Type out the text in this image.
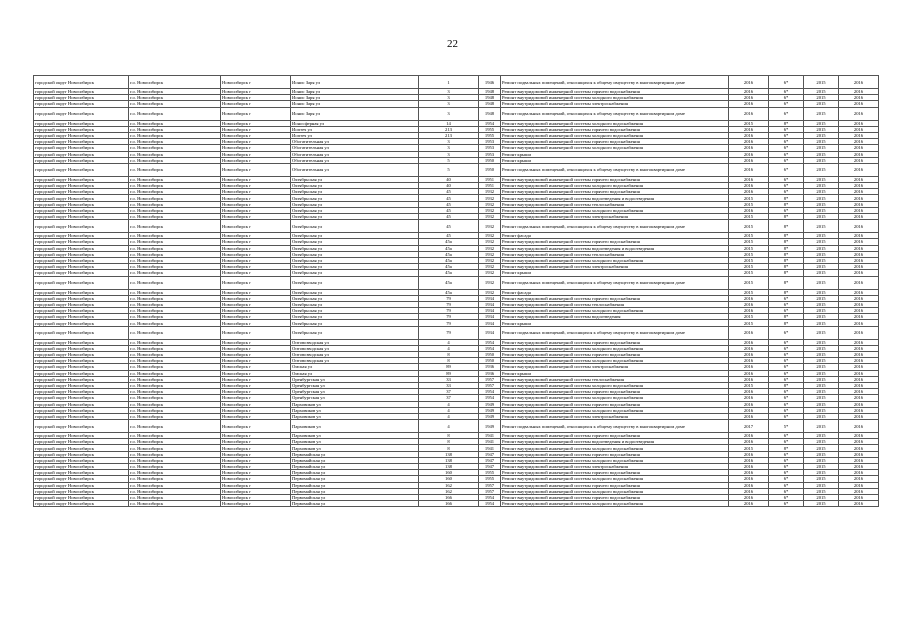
22
городской округ Новосибирск	г.о. Новосибирск	Новосибирск г	Ионис Заря ул	1	1946	Ремонт подвальных помещений, относящихся к общему имуществу в многоквартирном доме	2016	6*	2015	2016
городской округ Новосибирск	г.о. Новосибирск	Новосибирск г	Ионис Заря ул	3	1948	Ремонт внутридомовой инженерной системы горячего водоснабжения	2016	6*	2015	2016
городской округ Новосибирск	г.о. Новосибирск	Новосибирск г	Ионис Заря ул	3	1948	Ремонт внутридомовой инженерной системы холодного водоснабжения	2016	6*	2015	2016
городской округ Новосибирск	г.о. Новосибирск	Новосибирск г	Ионис Заря ул	3	1948	Ремонт внутридомовой инженерной системы электроснабжения	2016	6*	2015	2016
городской округ Новосибирск	г.о. Новосибирск	Новосибирск г	Ионис Заря ул	3	1948	Ремонт подвальных помещений, относящихся к общему имуществу в многоквартирном доме	2016	6*	2015	2016
городской округ Новосибирск	г.о. Новосибирск	Новосибирск г	Ионосферная ул	14	1954	Ремонт внутридомовой инженерной системы холодного водоснабжения	2015	8*	2015	2016
городской округ Новосибирск	г.о. Новосибирск	Новосибирск г	Иоптеч ул	213	1955	Ремонт внутридомовой инженерной системы горячего водоснабжения	2016	6*	2015	2016
городской округ Новосибирск	г.о. Новосибирск	Новосибирск г	Иоптеч ул	213	1955	Ремонт внутридомовой инженерной системы холодного водоснабжения	2016	6*	2015	2016
городской округ Новосибирск	г.о. Новосибирск	Новосибирск г	Обогатительная ул	3	1953	Ремонт внутридомовой инженерной системы горячего водоснабжения	2016	6*	2015	2016
городской округ Новосибирск	г.о. Новосибирск	Новосибирск г	Обогатительная ул	3	1953	Ремонт внутридомовой инженерной системы холодного водоснабжения	2016	6*	2015	2016
городской округ Новосибирск	г.о. Новосибирск	Новосибирск г	Обогатительная ул	3	1953	Ремонт крыши	2016	6*	2015	2016
городской округ Новосибирск	г.о. Новосибирск	Новосибирск г	Обогатительная ул	5	1950	Ремонт крыши	2016	6*	2015	2016
городской округ Новосибирск	г.о. Новосибирск	Новосибирск г	Обогатительная ул	5	1950	Ремонт подвальных помещений, относящихся к общему имуществу в многоквартирном доме	2016	6*	2015	2016
городской округ Новосибирск	г.о. Новосибирск	Новосибирск г	Октябрьская ул	40	1951	Ремонт внутридомовой инженерной системы горячего водоснабжения	2016	6*	2015	2016
городской округ Новосибирск	г.о. Новосибирск	Новосибирск г	Октябрьская ул	40	1951	Ремонт внутридомовой инженерной системы холодного водоснабжения	2016	6*	2015	2016
городской округ Новосибирск	г.о. Новосибирск	Новосибирск г	Октябрьская ул	45	1932	Ремонт внутридомовой инженерной системы горячего водоснабжения	2016	6*	2015	2016
городской округ Новосибирск	г.о. Новосибирск	Новосибирск г	Октябрьская ул	45	1932	Ремонт внутридомовой инженерной системы водоотведения и водоотведения	2015	8*	2015	2016
городской округ Новосибирск	г.о. Новосибирск	Новосибирск г	Октябрьская ул	45	1932	Ремонт внутридомовой инженерной системы теплоснабжения	2015	8*	2015	2016
городской округ Новосибирск	г.о. Новосибирск	Новосибирск г	Октябрьская ул	45	1932	Ремонт внутридомовой инженерной системы холодного водоснабжения	2016	6*	2015	2016
городской округ Новосибирск	г.о. Новосибирск	Новосибирск г	Октябрьская ул	45	1932	Ремонт внутридомовой инженерной системы электроснабжения	2015	8*	2015	2016
городской округ Новосибирск	г.о. Новосибирск	Новосибирск г	Октябрьская ул	45	1932	Ремонт подвальных помещений, относящихся к общему имуществу в многоквартирном доме	2015	8*	2015	2016
городской округ Новосибирск	г.о. Новосибирск	Новосибирск г	Октябрьская ул	45	1932	Ремонт фасада	2015	8*	2015	2016
городской округ Новосибирск	г.о. Новосибирск	Новосибирск г	Октябрьская ул	45а	1932	Ремонт внутридомовой инженерной системы горячего водоснабжения	2015	8*	2015	2016
городской округ Новосибирск	г.о. Новосибирск	Новосибирск г	Октябрьская ул	45а	1932	Ремонт внутридомовой инженерной системы водоотведения и водоотведения	2015	8*	2015	2016
городской округ Новосибирск	г.о. Новосибирск	Новосибирск г	Октябрьская ул	45а	1932	Ремонт внутридомовой инженерной системы теплоснабжения	2015	8*	2015	2016
городской округ Новосибирск	г.о. Новосибирск	Новосибирск г	Октябрьская ул	45а	1932	Ремонт внутридомовой инженерной системы холодного водоснабжения	2015	8*	2015	2016
городской округ Новосибирск	г.о. Новосибирск	Новосибирск г	Октябрьская ул	45а	1932	Ремонт внутридомовой инженерной системы электроснабжения	2015	8*	2015	2016
городской округ Новосибирск	г.о. Новосибирск	Новосибирск г	Октябрьская ул	45а	1932	Ремонт крыши	2015	8*	2015	2016
городской округ Новосибирск	г.о. Новосибирск	Новосибирск г	Октябрьская ул	45а	1932	Ремонт подвальных помещений, относящихся к общему имуществу в многоквартирном доме	2015	8*	2015	2016
городской округ Новосибирск	г.о. Новосибирск	Новосибирск г	Октябрьская ул	45а	1932	Ремонт фасада	2015	8*	2015	2016
городской округ Новосибирск	г.о. Новосибирск	Новосибирск г	Октябрьская ул	79	1934	Ремонт внутридомовой инженерной системы горячего водоснабжения	2016	6*	2015	2016
городской округ Новосибирск	г.о. Новосибирск	Новосибирск г	Октябрьская ул	79	1934	Ремонт внутридомовой инженерной системы теплоснабжения	2016	6*	2015	2016
городской округ Новосибирск	г.о. Новосибирск	Новосибирск г	Октябрьская ул	79	1934	Ремонт внутридомовой инженерной системы холодного водоснабжения	2016	6*	2015	2016
городской округ Новосибирск	г.о. Новосибирск	Новосибирск г	Октябрьская ул	79	1934	Ремонт внутридомовой инженерной системы водоотведения	2015	8*	2015	2016
городской округ Новосибирск	г.о. Новосибирск	Новосибирск г	Октябрьская ул	79	1934	Ремонт крыши	2015	8*	2015	2016
городской округ Новосибирск	г.о. Новосибирск	Новосибирск г	Октябрьская ул	79	1934	Ремонт подвальных помещений, относящихся к общему имуществу в многоквартирном доме	2016	6*	2015	2016
городской округ Новосибирск	г.о. Новосибирск	Новосибирск г	Оптовозводская ул	4	1954	Ремонт внутридомовой инженерной системы горячего водоснабжения	2016	6*	2015	2016
городской округ Новосибирск	г.о. Новосибирск	Новосибирск г	Оптовозводская ул	4	1954	Ремонт внутридомовой инженерной системы холодного водоснабжения	2016	6*	2015	2016
городской округ Новосибирск	г.о. Новосибирск	Новосибирск г	Оптовозводская ул	8	1950	Ремонт внутридомовой инженерной системы горячего водоснабжения	2016	6*	2015	2016
городской округ Новосибирск	г.о. Новосибирск	Новосибирск г	Оптовозводская ул	8	1950	Ремонт внутридомовой инженерной системы холодного водоснабжения	2016	6*	2015	2016
городской округ Новосибирск	г.о. Новосибирск	Новосибирск г	Омская ул	89	1936	Ремонт внутридомовой инженерной системы электроснабжения	2016	6*	2015	2016
городской округ Новосибирск	г.о. Новосибирск	Новосибирск г	Омская ул	89	1936	Ремонт крыши	2016	6*	2015	2016
городской округ Новосибирск	г.о. Новосибирск	Новосибирск г	Оренбургская ул	33	1957	Ремонт внутридомовой инженерной системы теплоснабжения	2016	6*	2015	2016
городской округ Новосибирск	г.о. Новосибирск	Новосибирск г	Оренбургская ул	33	1957	Ремонт внутридомовой инженерной системы холодного водоснабжения	2015	8*	2015	2016
городской округ Новосибирск	г.о. Новосибирск	Новосибирск г	Оренбургская ул	37	1954	Ремонт внутридомовой инженерной системы горячего водоснабжения	2016	6*	2015	2016
городской округ Новосибирск	г.о. Новосибирск	Новосибирск г	Оренбургская ул	37	1954	Ремонт внутридомовой инженерной системы холодного водоснабжения	2016	6*	2015	2016
городской округ Новосибирск	г.о. Новосибирск	Новосибирск г	Парховиков ул	4	1949	Ремонт внутридомовой инженерной системы горячего водоснабжения	2016	6*	2015	2016
городской округ Новосибирск	г.о. Новосибирск	Новосибирск г	Парховиков ул	4	1949	Ремонт внутридомовой инженерной системы холодного водоснабжения	2016	6*	2015	2016
городской округ Новосибирск	г.о. Новосибирск	Новосибирск г	Парховиков ул	4	1949	Ремонт внутридомовой инженерной системы электроснабжения	2016	6*	2015	2016
городской округ Новосибирск	г.о. Новосибирск	Новосибирск г	Парховиков ул	4	1949	Ремонт подвальных помещений, относящихся к общему имуществу в многоквартирном доме	2017	5*	2015	2016
городской округ Новосибирск	г.о. Новосибирск	Новосибирск г	Парховиков ул	8	1941	Ремонт внутридомовой инженерной системы горячего водоснабжения	2016	6*	2015	2016
городской округ Новосибирск	г.о. Новосибирск	Новосибирск г	Парховиков ул	8	1941	Ремонт внутридомовой инженерной системы водоотведения и водоотведения	2016	6*	2015	2016
городской округ Новосибирск	г.о. Новосибирск	Новосибирск г	Парховиков ул	8	1941	Ремонт внутридомовой инженерной системы холодного водоснабжения	2015	8*	2015	2016
городской округ Новосибирск	г.о. Новосибирск	Новосибирск г	Первомайская ул	138	1947	Ремонт внутридомовой инженерной системы горячего водоснабжения	2016	6*	2015	2016
городской округ Новосибирск	г.о. Новосибирск	Новосибирск г	Первомайская ул	138	1947	Ремонт внутридомовой инженерной системы холодного водоснабжения	2016	6*	2015	2016
городской округ Новосибирск	г.о. Новосибирск	Новосибирск г	Первомайская ул	138	1947	Ремонт внутридомовой инженерной системы электроснабжения	2016	6*	2015	2016
городской округ Новосибирск	г.о. Новосибирск	Новосибирск г	Первомайская ул	160	1955	Ремонт внутридомовой инженерной системы горячего водоснабжения	2016	6*	2015	2016
городской округ Новосибирск	г.о. Новосибирск	Новосибирск г	Первомайская ул	160	1955	Ремонт внутридомовой инженерной системы холодного водоснабжения	2016	6*	2015	2016
городской округ Новосибирск	г.о. Новосибирск	Новосибирск г	Первомайская ул	162	1957	Ремонт внутридомовой инженерной системы горячего водоснабжения	2016	6*	2015	2016
городской округ Новосибирск	г.о. Новосибирск	Новосибирск г	Первомайская ул	162	1957	Ремонт внутридомовой инженерной системы холодного водоснабжения	2016	6*	2015	2016
городской округ Новосибирск	г.о. Новосибирск	Новосибирск г	Первомайская ул	166	1954	Ремонт внутридомовой инженерной системы горячего водоснабжения	2016	6*	2015	2016
городской округ Новосибирск	г.о. Новосибирск	Новосибирск г	Первомайская ул	166	1954	Ремонт внутридомовой инженерной системы холодного водоснабжения	2016	6*	2015	2016
